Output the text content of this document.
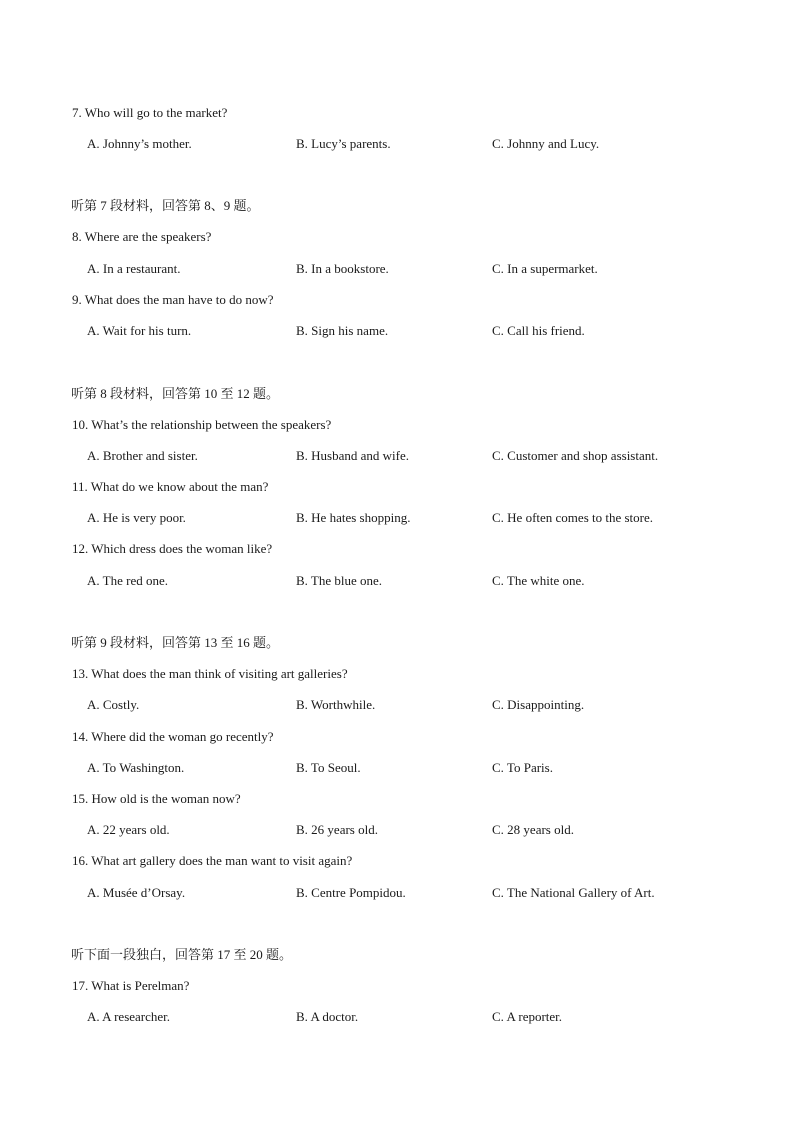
7. Who will go to the market?
A. Johnny’s mother.	B. Lucy’s parents.	C. Johnny and Lucy.
听第 7 段材料，回答第 8、9 题。
8. Where are the speakers?
A. In a restaurant.	B. In a bookstore.	C. In a supermarket.
9. What does the man have to do now?
A. Wait for his turn.	B. Sign his name.	C. Call his friend.
听第 8 段材料，回答第 10 至 12 题。
10. What’s the relationship between the speakers?
A. Brother and sister.	B. Husband and wife.	C. Customer and shop assistant.
11. What do we know about the man?
A. He is very poor.	B. He hates shopping.	C. He often comes to the store.
12. Which dress does the woman like?
A. The red one.	B. The blue one.	C. The white one.
听第 9 段材料，回答第 13 至 16 题。
13. What does the man think of visiting art galleries?
A. Costly.	B. Worthwhile.	C. Disappointing.
14. Where did the woman go recently?
A. To Washington.	B. To Seoul.	C. To Paris.
15. How old is the woman now?
A. 22 years old.	B. 26 years old.	C. 28 years old.
16. What art gallery does the man want to visit again?
A. Musée d’Orsay.	B. Centre Pompidou.	C. The National Gallery of Art.
听下面一段独白，回答第 17 至 20 题。
17. What is Perelman?
A. A researcher.	B. A doctor.	C. A reporter.
